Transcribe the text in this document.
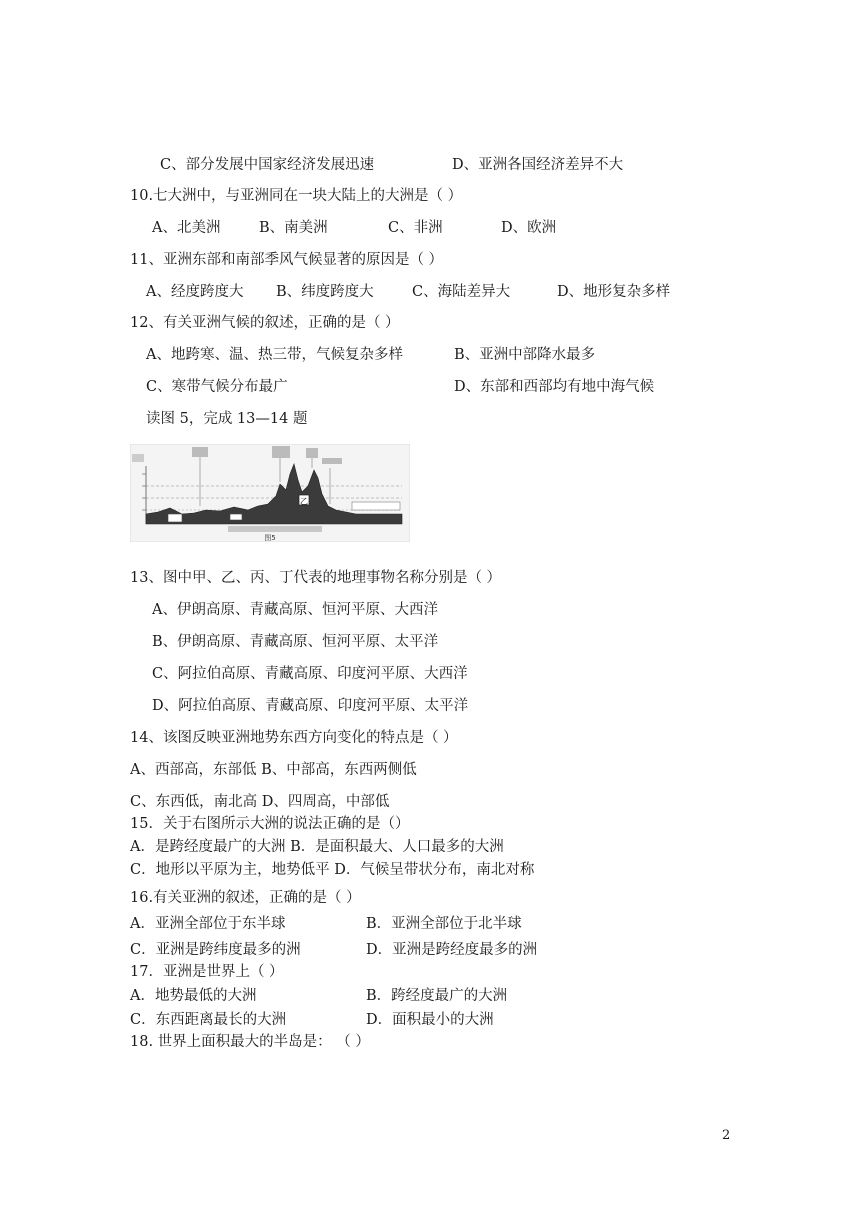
C、部分发展中国家经济发展迅速	D、亚洲各国经济差异不大
10.七大洲中，与亚洲同在一块大陆上的大洲是（ ）
A、北美洲	B、南美洲	C、非洲	D、欧洲
11、亚洲东部和南部季风气候显著的原因是（ ）
A、经度跨度大 B、纬度跨度大	C、海陆差异大	D、地形复杂多样
12、有关亚洲气候的叙述，正确的是（ ）
A、地跨寒、温、热三带，气候复杂多样	B、亚洲中部降水最多
C、寒带气候分布最广	D、东部和西部均有地中海气候
读图 5，完成 13—14 题
乙
图5
13、图中甲、乙、丙、丁代表的地理事物名称分别是（ ）
A、伊朗高原、青藏高原、恒河平原、大西洋
B、伊朗高原、青藏高原、恒河平原、太平洋
C、阿拉伯高原、青藏高原、印度河平原、大西洋
D、阿拉伯高原、青藏高原、印度河平原、太平洋
14、该图反映亚洲地势东西方向变化的特点是（ ）
A、西部高，东部低 B、中部高，东西两侧低
C、东西低，南北高 D、四周高，中部低
15．关于右图所示大洲的说法正确的是（）
A．是跨经度最广的大洲 B．是面积最大、人口最多的大洲
C．地形以平原为主，地势低平 D．气候呈带状分布，南北对称
16.有关亚洲的叙述，正确的是（ ）
A．亚洲全部位于东半球	B．亚洲全部位于北半球
C．亚洲是跨纬度最多的洲	D．亚洲是跨经度最多的洲
17．亚洲是世界上（ ）
A．地势最低的大洲	B．跨经度最广的大洲
C．东西距离最长的大洲	D．面积最小的大洲
18. 世界上面积最大的半岛是： （ ）
2
